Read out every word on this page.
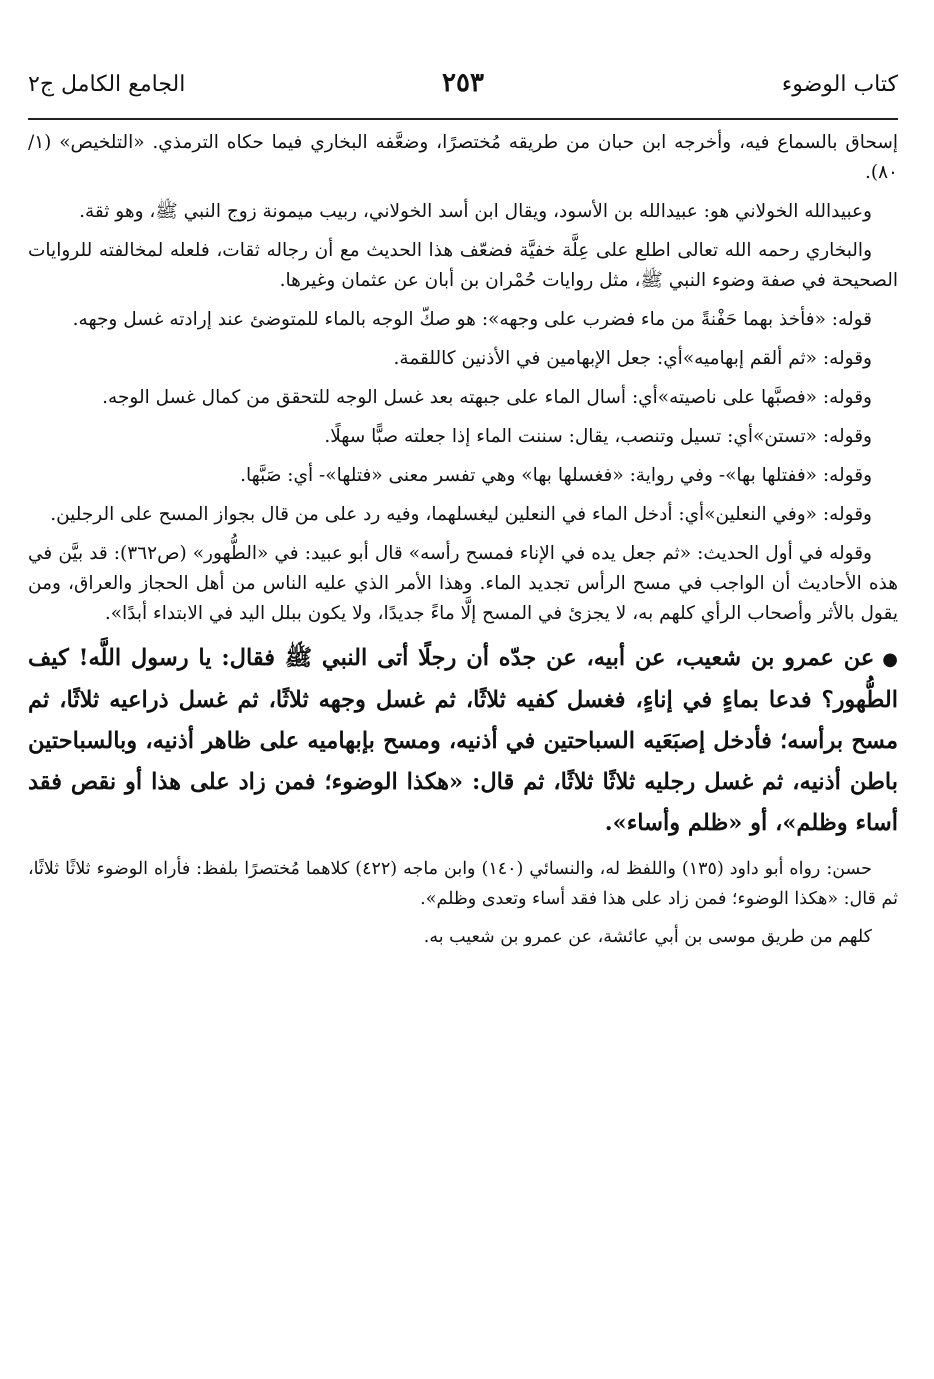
كتاب الوضوء
٢٥٣
الجامع الكامل ج٢

إسحاق بالسماع فيه، وأخرجه ابن حبان من طريقه مُختصرًا، وضعَّفه البخاري فيما حكاه الترمذي. «التلخيص» (١/ ٨٠).

وعبيدالله الخولاني هو: عبيدالله بن الأسود، ويقال ابن أسد الخولاني، ربيب ميمونة زوج النبي ﷺ، وهو ثقة.

والبخاري رحمه الله تعالى اطلع على عِلَّة خفيَّة فضعّف هذا الحديث مع أن رجاله ثقات، فلعله لمخالفته للروايات الصحيحة في صفة وضوء النبي ﷺ، مثل روايات حُمْران بن أبان عن عثمان وغيرها.

قوله: «فأخذ بهما حَفْنةً من ماء فضرب على وجهه»: هو صكّ الوجه بالماء للمتوضئ عند إرادته غسل وجهه.

وقوله: «ثم ألقم إبهاميه»أي: جعل الإبهامين في الأذنين كاللقمة.

وقوله: «فصبَّها على ناصيته»أي: أسال الماء على جبهته بعد غسل الوجه للتحقق من كمال غسل الوجه.

وقوله: «تستن»أي: تسيل وتنصب، يقال: سننت الماء إذا جعلته صبًّا سهلًا.

وقوله: «ففتلها بها»- وفي رواية: «فغسلها بها» وهي تفسر معنى «فتلها»- أي: صَبَّها.

وقوله: «وفي النعلين»أي: أدخل الماء في النعلين ليغسلهما، وفيه رد على من قال بجواز المسح على الرجلين.

وقوله في أول الحديث: «ثم جعل يده في الإناء فمسح رأسه» قال أبو عبيد: في «الطُّهور» (ص٣٦٢): قد بيَّن في هذه الأحاديث أن الواجب في مسح الرأس تجديد الماء. وهذا الأمر الذي عليه الناس من أهل الحجاز والعراق، ومن يقول بالأثر وأصحاب الرأي كلهم به، لا يجزئ في المسح إلَّا ماءً جديدًا، ولا يكون ببلل اليد في الابتداء أبدًا».

●عن عمرو بن شعيب، عن أبيه، عن جدّه أن رجلًا أتى النبي ﷺ فقال: يا رسول اللَّه! كيف الطُّهور؟ فدعا بماءٍ في إناءٍ، فغسل كفيه ثلاثًا، ثم غسل وجهه ثلاثًا، ثم غسل ذراعيه ثلاثًا، ثم مسح برأسه؛ فأدخل إصبَعَيه السباحتين في أذنيه، ومسح بإبهاميه على ظاهر أذنيه، وبالسباحتين باطن أذنيه، ثم غسل رجليه ثلاثًا ثلاثًا، ثم قال: «هكذا الوضوء؛ فمن زاد على هذا أو نقص فقد أساء وظلم»، أو «ظلم وأساء».

حسن: رواه أبو داود (١٣٥) واللفظ له، والنسائي (١٤٠) وابن ماجه (٤٢٢) كلاهما مُختصرًا بلفظ: فأراه الوضوء ثلاثًا ثلاثًا، ثم قال: «هكذا الوضوء؛ فمن زاد على هذا فقد أساء وتعدى وظلم».

كلهم من طريق موسى بن أبي عائشة، عن عمرو بن شعيب به.
